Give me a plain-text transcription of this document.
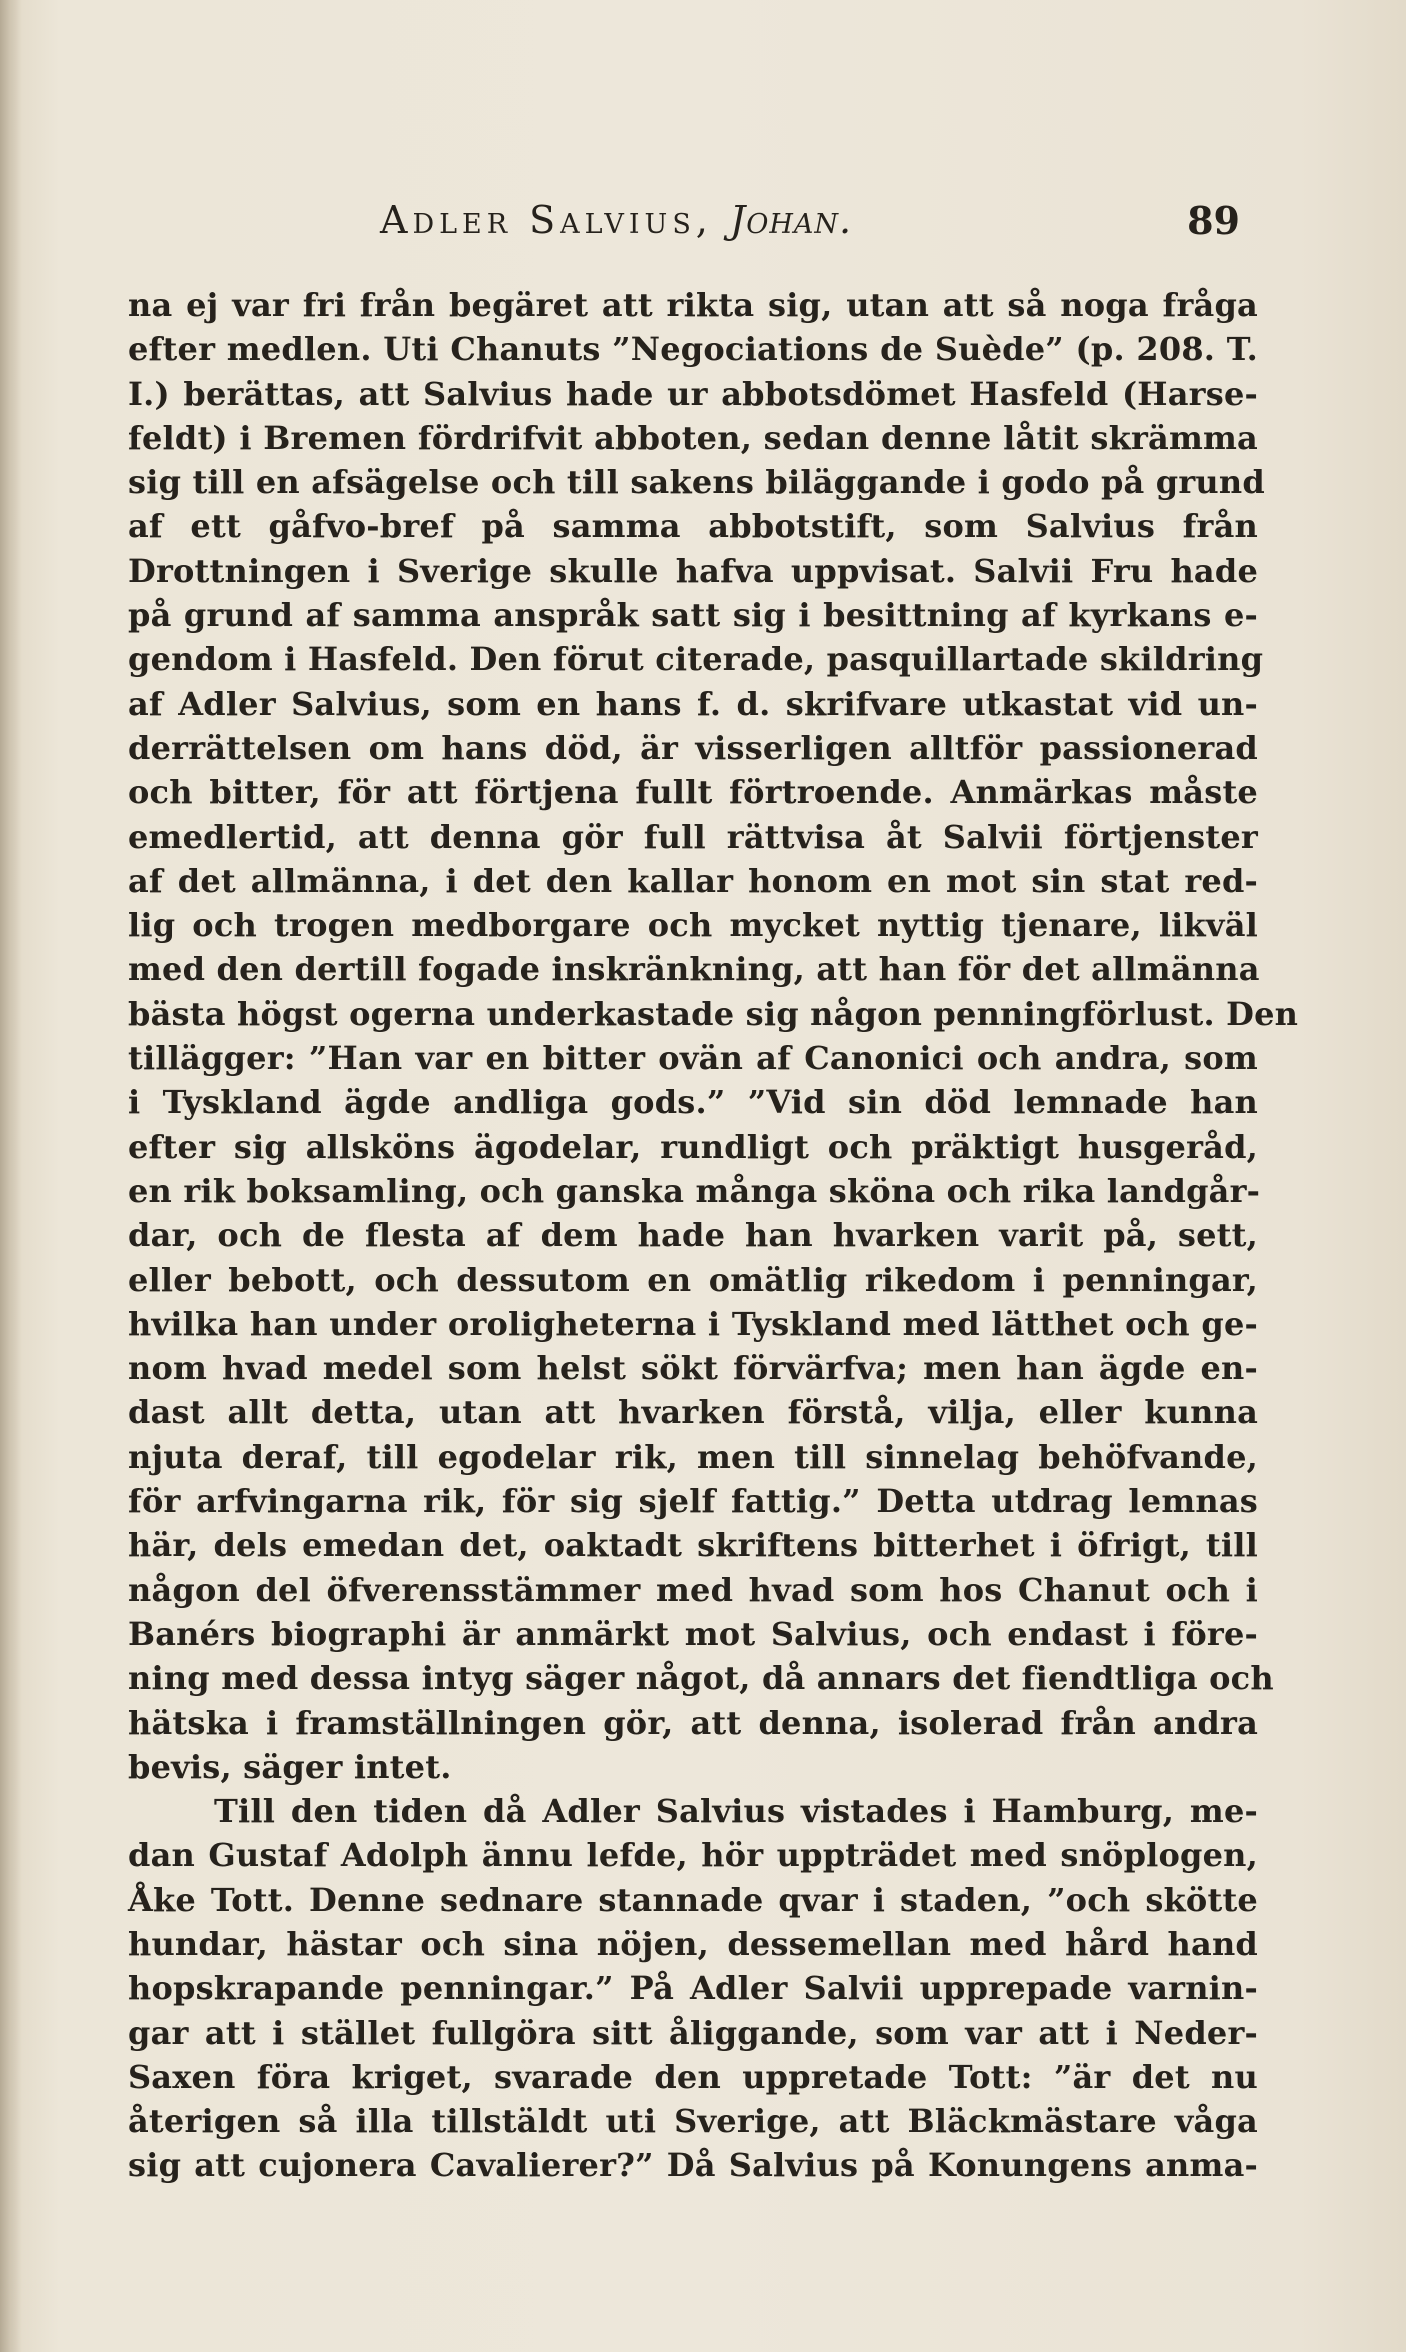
Adler Salvius, Johan.	89
na ej var fri från begäret att rikta sig, utan att så noga fråga
efter medlen. Uti Chanuts ”Negociations de Suède” (p. 208. T.
I.) berättas, att Salvius hade ur abbotsdömet Hasfeld (Harse-
feldt) i Bremen fördrifvit abboten, sedan denne låtit skrämma
sig till en afsägelse och till sakens biläggande i godo på grund
af ett gåfvo-bref på samma abbotstift, som Salvius från
Drottningen i Sverige skulle hafva uppvisat. Salvii Fru hade
på grund af samma anspråk satt sig i besittning af kyrkans e-
gendom i Hasfeld. Den förut citerade, pasquillartade skildring
af Adler Salvius, som en hans f. d. skrifvare utkastat vid un-
derrättelsen om hans död, är visserligen alltför passionerad
och bitter, för att förtjena fullt förtroende. Anmärkas måste
emedlertid, att denna gör full rättvisa åt Salvii förtjenster
af det allmänna, i det den kallar honom en mot sin stat red-
lig och trogen medborgare och mycket nyttig tjenare, likväl
med den dertill fogade inskränkning, att han för det allmänna
bästa högst ogerna underkastade sig någon penningförlust. Den
tillägger: ”Han var en bitter ovän af Canonici och andra, som
i Tyskland ägde andliga gods.” ”Vid sin död lemnade han
efter sig allsköns ägodelar, rundligt och präktigt husgeråd,
en rik boksamling, och ganska många sköna och rika landgår-
dar, och de flesta af dem hade han hvarken varit på, sett,
eller bebott, och dessutom en omätlig rikedom i penningar,
hvilka han under oroligheterna i Tyskland med lätthet och ge-
nom hvad medel som helst sökt förvärfva; men han ägde en-
dast allt detta, utan att hvarken förstå, vilja, eller kunna
njuta deraf, till egodelar rik, men till sinnelag behöfvande,
för arfvingarna rik, för sig sjelf fattig.” Detta utdrag lemnas
här, dels emedan det, oaktadt skriftens bitterhet i öfrigt, till
någon del öfverensstämmer med hvad som hos Chanut och i
Banérs biographi är anmärkt mot Salvius, och endast i före-
ning med dessa intyg säger något, då annars det fiendtliga och
hätska i framställningen gör, att denna, isolerad från andra
bevis, säger intet.
Till den tiden då Adler Salvius vistades i Hamburg, me-
dan Gustaf Adolph ännu lefde, hör uppträdet med snöplogen,
Åke Tott. Denne sednare stannade qvar i staden, ”och skötte
hundar, hästar och sina nöjen, dessemellan med hård hand
hopskrapande penningar.” På Adler Salvii upprepade varnin-
gar att i stället fullgöra sitt åliggande, som var att i Neder-
Saxen föra kriget, svarade den uppretade Tott: ”är det nu
återigen så illa tillstäldt uti Sverige, att Bläckmästare våga
sig att cujonera Cavalierer?” Då Salvius på Konungens anma-
